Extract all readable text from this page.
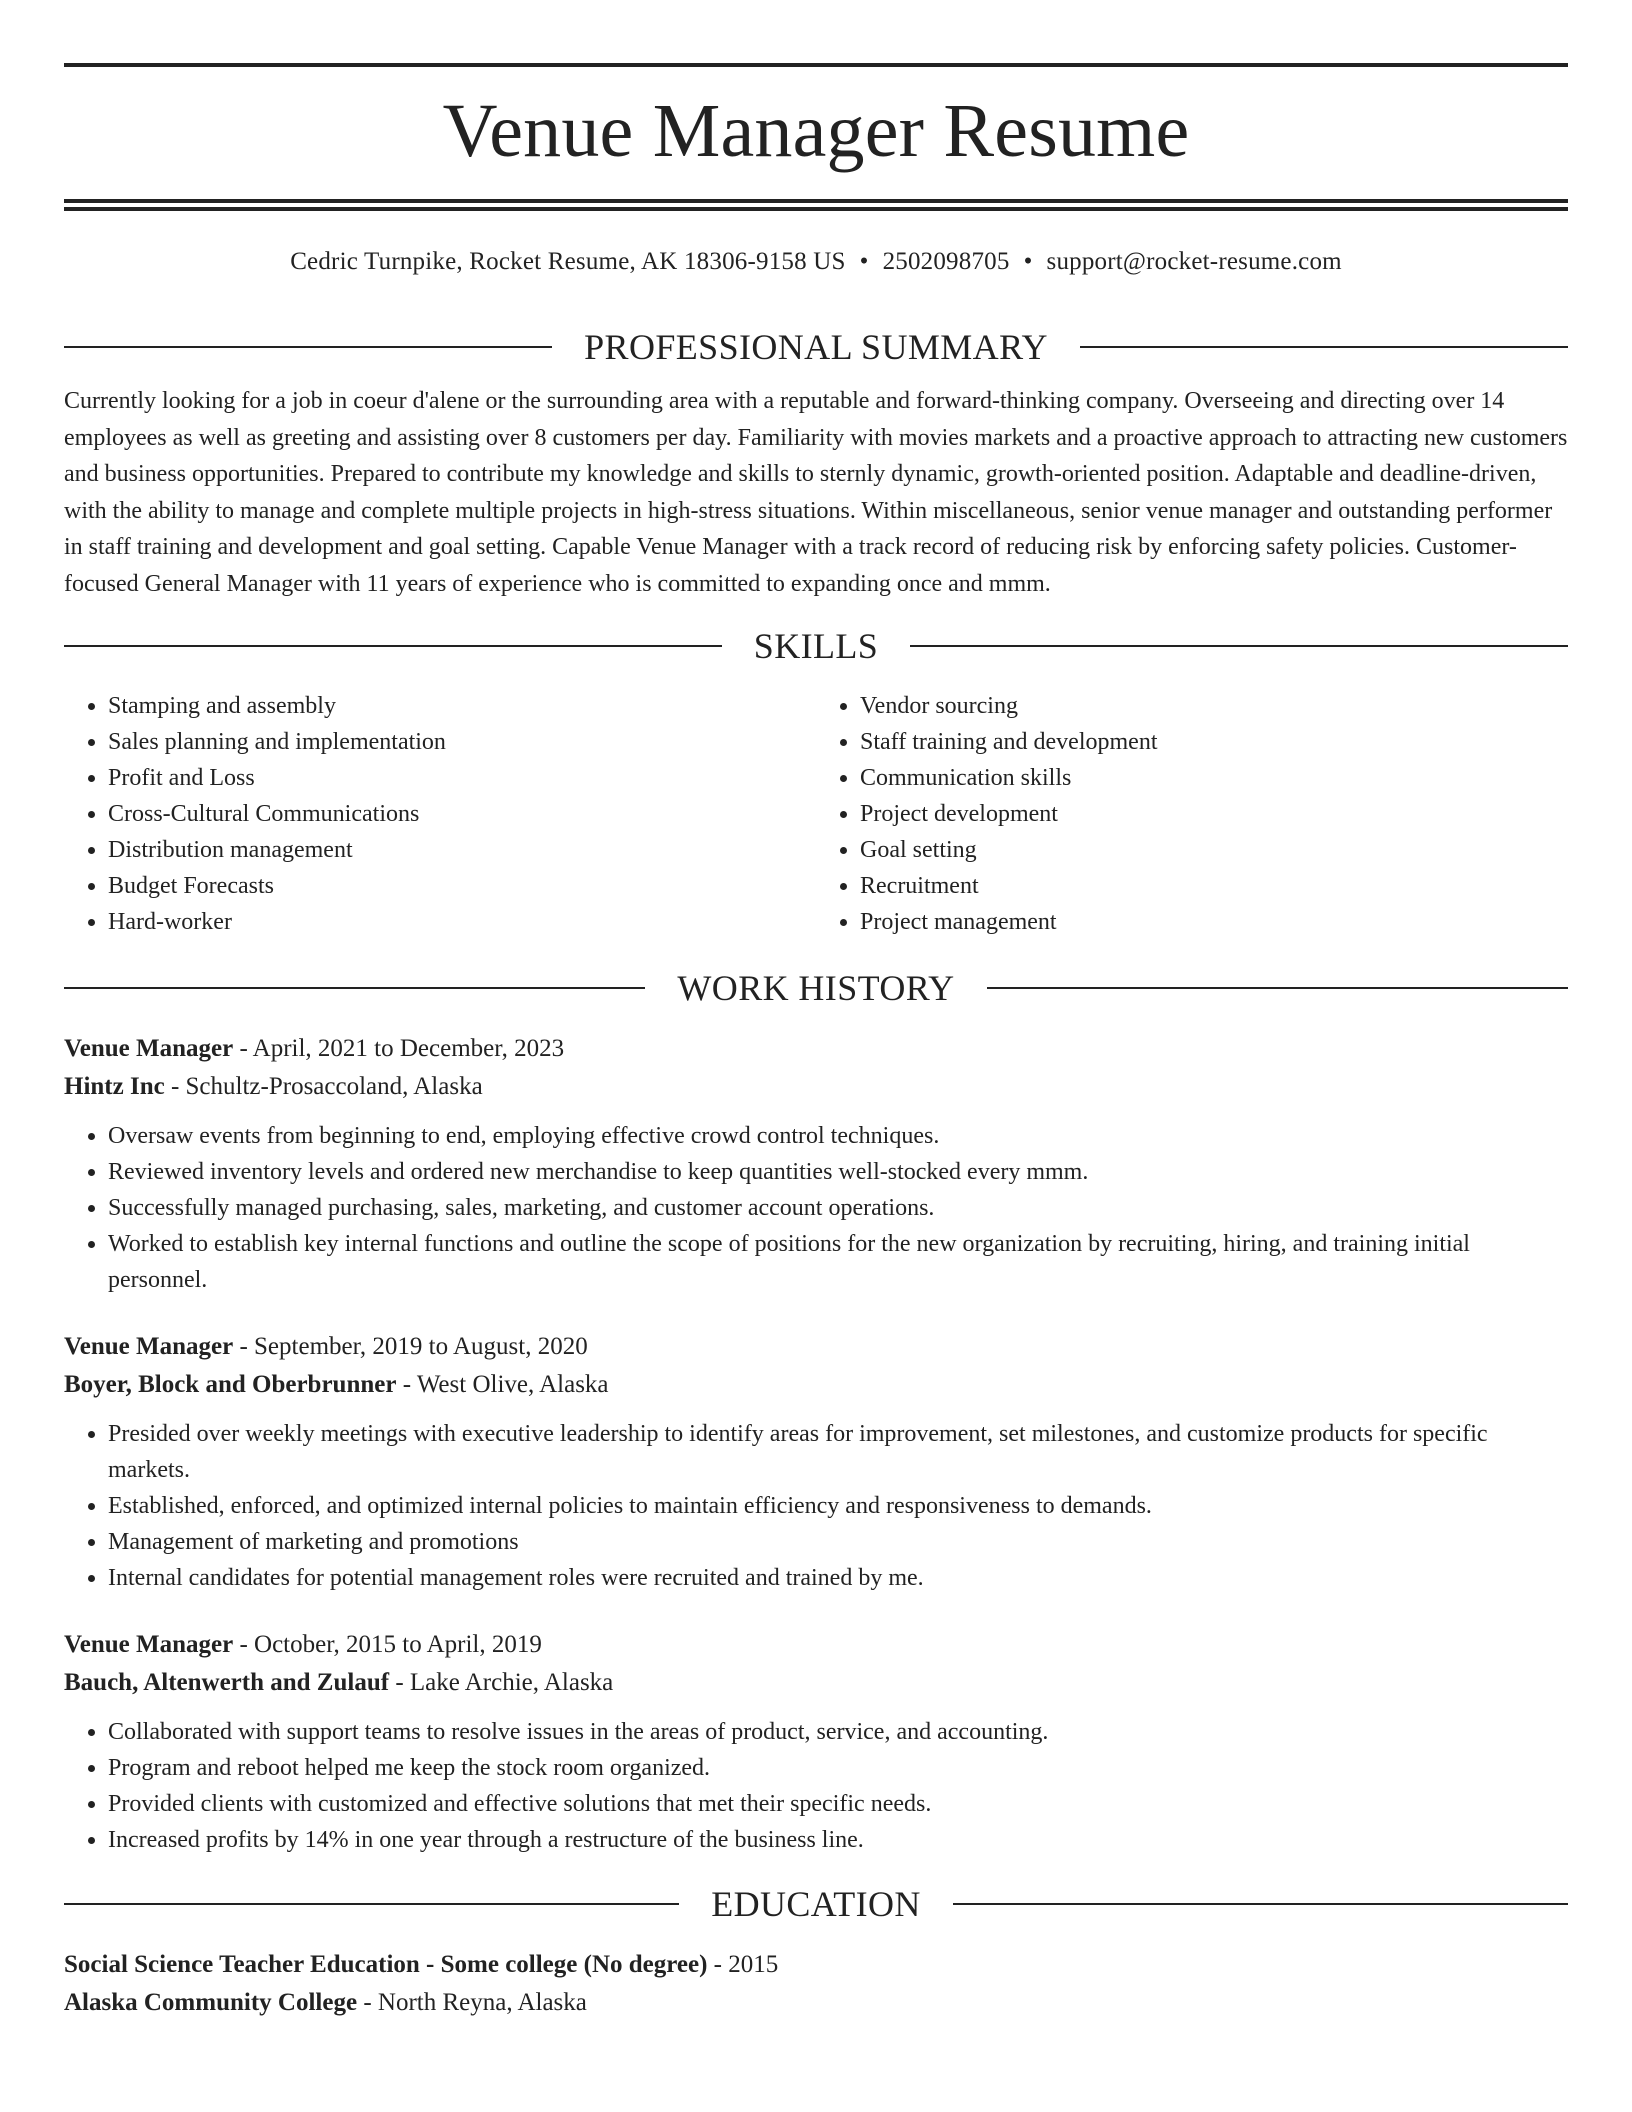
Venue Manager Resume
Cedric Turnpike, Rocket Resume, AK 18306-9158 US • 2502098705 • support@rocket-resume.com
PROFESSIONAL SUMMARY

Currently looking for a job in coeur d'alene or the surrounding area with a reputable and forward-thinking company. Overseeing and directing over 14 employees as well as greeting and assisting over 8 customers per day. Familiarity with movies markets and a proactive approach to attracting new customers and business opportunities. Prepared to contribute my knowledge and skills to sternly dynamic, growth-oriented position. Adaptable and deadline-driven, with the ability to manage and complete multiple projects in high-stress situations. Within miscellaneous, senior venue manager and outstanding performer in staff training and development and goal setting. Capable Venue Manager with a track record of reducing risk by enforcing safety policies. Customer-focused General Manager with 11 years of experience who is committed to expanding once and mmm.

SKILLS
• Stamping and assembly
• Sales planning and implementation
• Profit and Loss
• Cross-Cultural Communications
• Distribution management
• Budget Forecasts
• Hard-worker
• Vendor sourcing
• Staff training and development
• Communication skills
• Project development
• Goal setting
• Recruitment
• Project management
WORK HISTORY
Venue Manager - April, 2021 to December, 2023
Hintz Inc - Schultz-Prosaccoland, Alaska
• Oversaw events from beginning to end, employing effective crowd control techniques.
• Reviewed inventory levels and ordered new merchandise to keep quantities well-stocked every mmm.
• Successfully managed purchasing, sales, marketing, and customer account operations.
• Worked to establish key internal functions and outline the scope of positions for the new organization by recruiting, hiring, and training initial personnel.
Venue Manager - September, 2019 to August, 2020
Boyer, Block and Oberbrunner - West Olive, Alaska
• Presided over weekly meetings with executive leadership to identify areas for improvement, set milestones, and customize products for specific markets.
• Established, enforced, and optimized internal policies to maintain efficiency and responsiveness to demands.
• Management of marketing and promotions
• Internal candidates for potential management roles were recruited and trained by me.
Venue Manager - October, 2015 to April, 2019
Bauch, Altenwerth and Zulauf - Lake Archie, Alaska
• Collaborated with support teams to resolve issues in the areas of product, service, and accounting.
• Program and reboot helped me keep the stock room organized.
• Provided clients with customized and effective solutions that met their specific needs.
• Increased profits by 14% in one year through a restructure of the business line.
EDUCATION
Social Science Teacher Education - Some college (No degree) - 2015
Alaska Community College - North Reyna, Alaska
